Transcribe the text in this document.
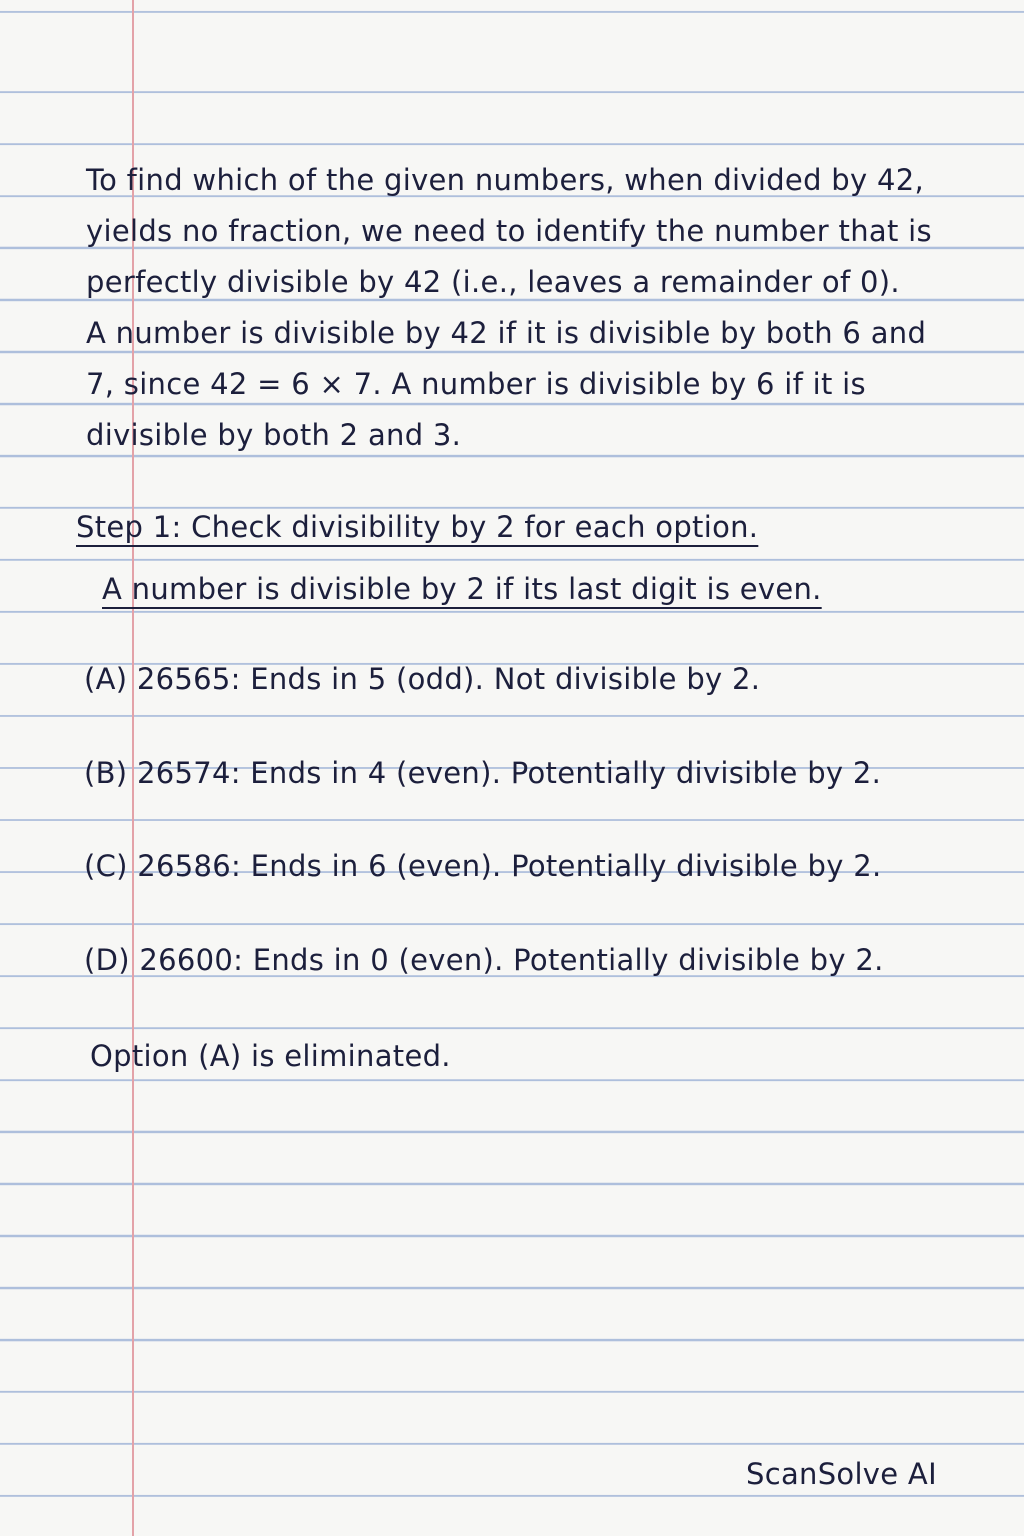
To find which of the given numbers, when divided by 42,
yields no fraction, we need to identify the number that is
perfectly divisible by 42 (i.e., leaves a remainder of 0).
A number is divisible by 42 if it is divisible by both 6 and
7, since 42 = 6 × 7. A number is divisible by 6 if it is
divisible by both 2 and 3.
Step 1: Check divisibility by 2 for each option.
A number is divisible by 2 if its last digit is even.
(A) 26565: Ends in 5 (odd). Not divisible by 2.
(B) 26574: Ends in 4 (even). Potentially divisible by 2.
(C) 26586: Ends in 6 (even). Potentially divisible by 2.
(D) 26600: Ends in 0 (even). Potentially divisible by 2.
Option (A) is eliminated.
ScanSolve AI
